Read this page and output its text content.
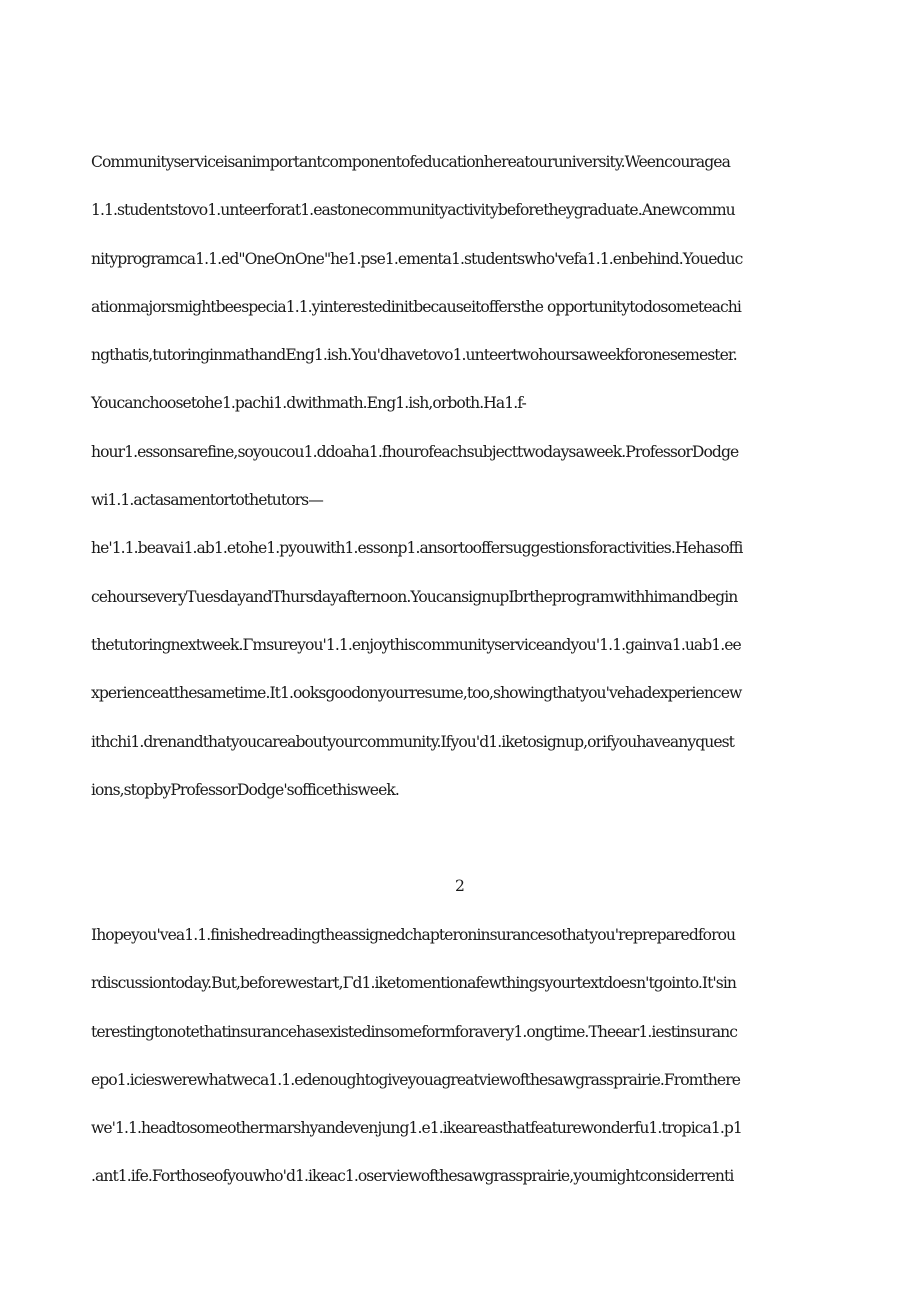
Communityserviceisanimportantcomponentofeducationhereatouruniversity.Weencouragea
1.1.studentstovo1.unteerforat1.eastonecommunityactivitybeforetheygraduate.Anewcommu
nityprogramca1.1.ed"OneOnOne"he1.pse1.ementa1.studentswho'vefa1.1.enbehind.Youeduc
ationmajorsmightbeespecia1.1.yinterestedinitbecauseitoffersthe opportunitytodosometeachi
ngthatis,tutoringinmathandEng1.ish.You'dhavetovo1.unteertwohoursaweekforonesemester.
Youcanchoosetohe1.pachi1.dwithmath.Eng1.ish,orboth.Ha1.f-
hour1.essonsarefine,soyoucou1.ddoaha1.fhourofeachsubjecttwodaysaweek.ProfessorDodge
wi1.1.actasamentortothetutors—
he'1.1.beavai1.ab1.etohe1.pyouwith1.essonp1.ansortooffersuggestionsforactivities.Hehasoffi
cehourseveryTuesdayandThursdayafternoon.YoucansignupIbrtheprogramwithhimandbegin
thetutoringnextweek.Γmsureyou'1.1.enjoythiscommunityserviceandyou'1.1.gainva1.uab1.ee
xperienceatthesametime.It1.ooksgoodonyourresume,too,showingthatyou'vehadexperiencew
ithchi1.drenandthatyoucareaboutyourcommunity.Ifyou'd1.iketosignup,orifyouhaveanyquest
ions,stopbyProfessorDodge'sofficethisweek.
2
Ihopeyou'vea1.1.finishedreadingtheassignedchapteroninsurancesothatyou'repreparedforou
rdiscussiontoday.But,beforewestart,Γd1.iketomentionafewthingsyourtextdoesn'tgointo.It'sin
terestingtonotethatinsurancehasexistedinsomeformforavery1.ongtime.Theear1.iestinsuranc
epo1.icieswerewhatweca1.1.edenoughtogiveyouagreatviewofthesawgrassprairie.Fromthere
we'1.1.headtosomeothermarshyandevenjung1.e1.ikeareasthatfeaturewonderfu1.tropica1.p1
.ant1.ife.Forthoseofyouwho'd1.ikeac1.oserviewofthesawgrassprairie,youmightconsiderrenti
